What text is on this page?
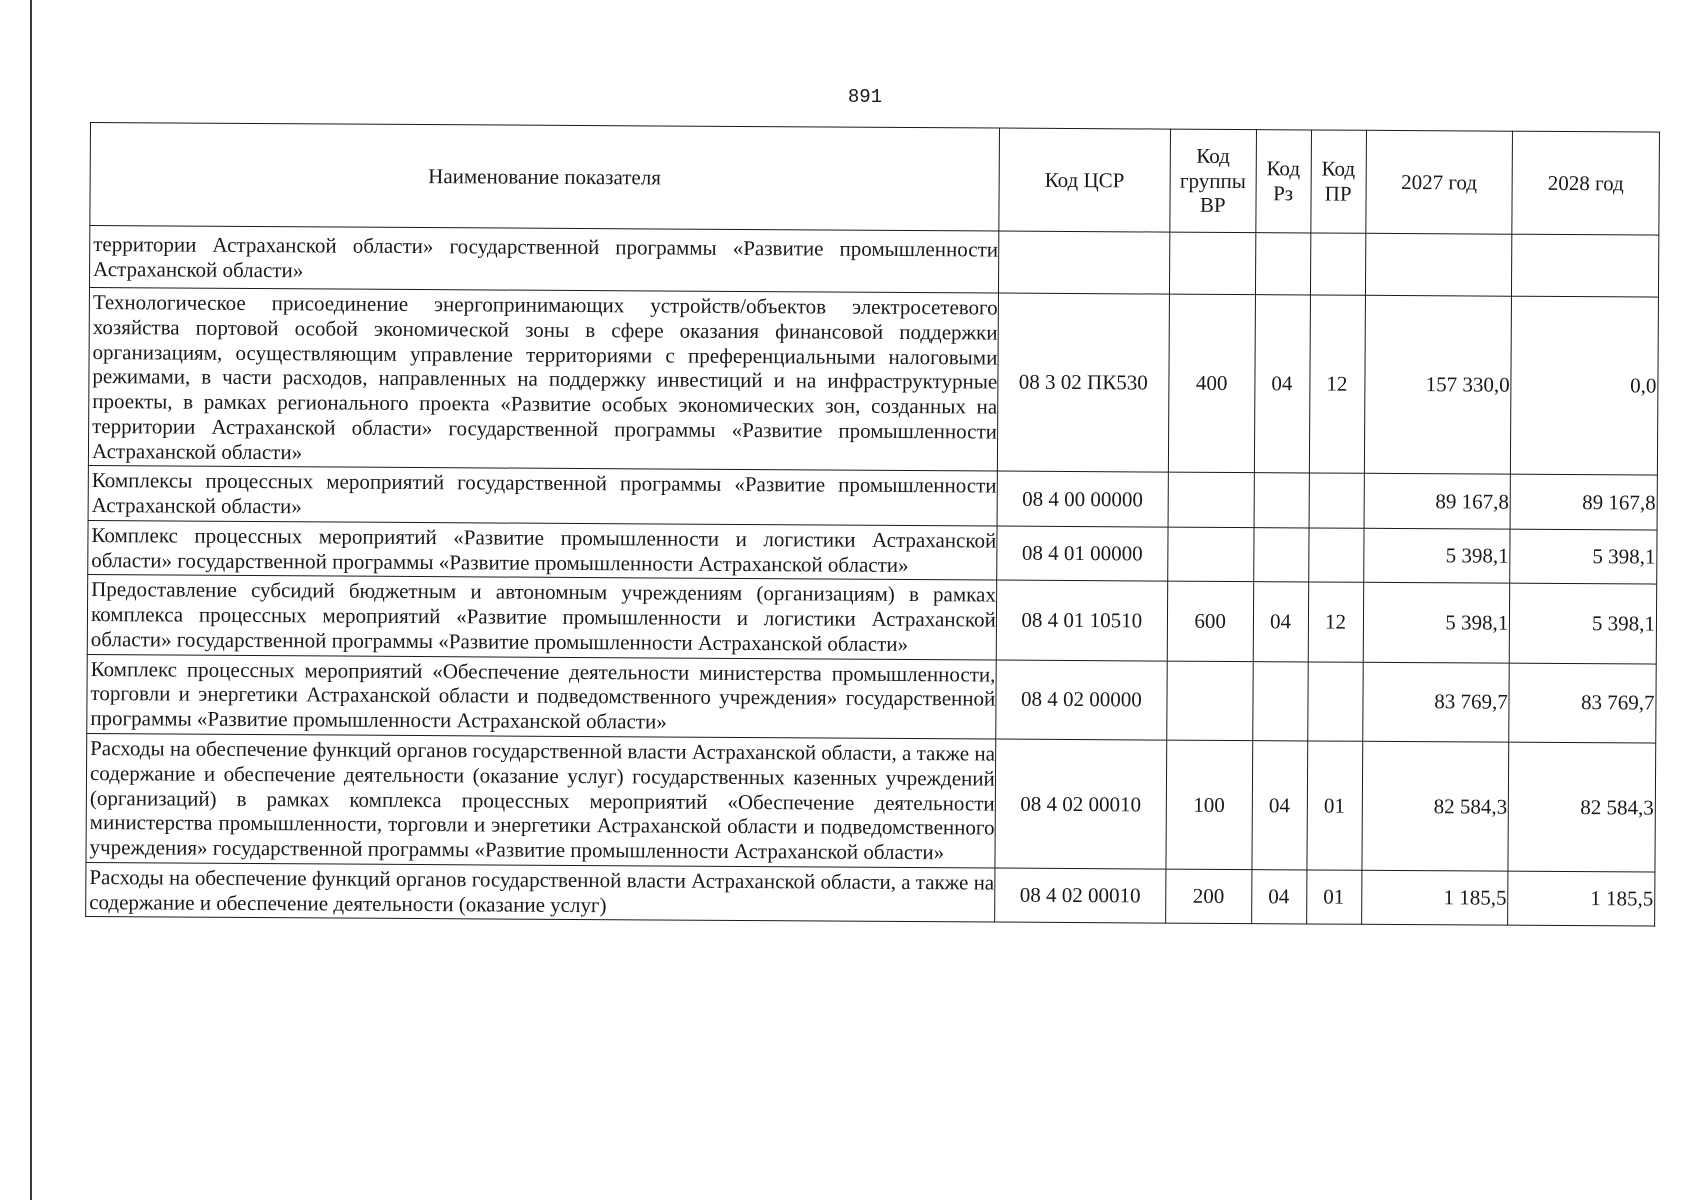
891
Наименование показателя	Код ЦСР	Код группы ВР	Код Рз	Код ПР	2027 год	2028 год
территории Астраханской области» государственной программы «Развитие промышленности Астраханской области»						
Технологическое присоединение энергопринимающих устройств/объектов электросетевого хозяйства портовой особой экономической зоны в сфере оказания финансовой поддержки организациям, осуществляющим управление территориями с преференциальными налоговыми режимами, в части расходов, направленных на поддержку инвестиций и на инфраструктурные проекты, в рамках регионального проекта «Развитие особых экономических зон, созданных на территории Астраханской области» государственной программы «Развитие промышленности Астраханской области»	08 3 02 ПК530	400	04	12	157 330,0	0,0
Комплексы процессных мероприятий государственной программы «Развитие промышленности Астраханской области»	08 4 00 00000				89 167,8	89 167,8
Комплекс процессных мероприятий «Развитие промышленности и логистики Астраханской области» государственной программы «Развитие промышленности Астраханской области»	08 4 01 00000				5 398,1	5 398,1
Предоставление субсидий бюджетным и автономным учреждениям (организациям) в рамках комплекса процессных мероприятий «Развитие промышленности и логистики Астраханской области» государственной программы «Развитие промышленности Астраханской области»	08 4 01 10510	600	04	12	5 398,1	5 398,1
Комплекс процессных мероприятий «Обеспечение деятельности министерства промышленности, торговли и энергетики Астраханской области и подведомственного учреждения» государственной программы «Развитие промышленности Астраханской области»	08 4 02 00000				83 769,7	83 769,7
Расходы на обеспечение функций органов государственной власти Астраханской области, а также на содержание и обеспечение деятельности (оказание услуг) государственных казенных учреждений (организаций) в рамках комплекса процессных мероприятий «Обеспечение деятельности министерства промышленности, торговли и энергетики Астраханской области и подведомственного учреждения» государственной программы «Развитие промышленности Астраханской области»	08 4 02 00010	100	04	01	82 584,3	82 584,3
Расходы на обеспечение функций органов государственной власти Астраханской области, а также на содержание и обеспечение деятельности (оказание услуг)	08 4 02 00010	200	04	01	1 185,5	1 185,5
